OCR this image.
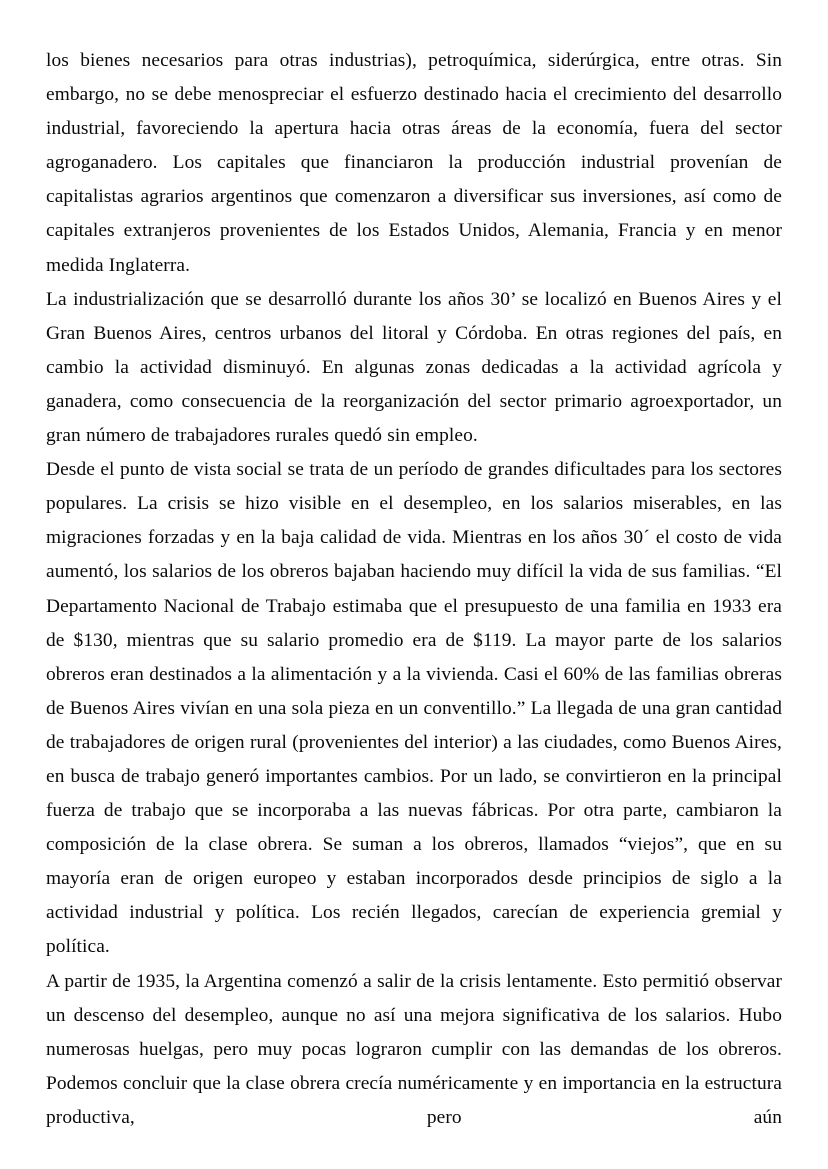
los bienes necesarios para otras industrias), petroquímica, siderúrgica, entre otras. Sin embargo, no se debe menospreciar el esfuerzo destinado hacia el crecimiento del desarrollo industrial, favoreciendo la apertura hacia otras áreas de la economía, fuera del sector agroganadero. Los capitales que financiaron la producción industrial provenían de capitalistas agrarios argentinos que comenzaron a diversificar sus inversiones, así como de capitales extranjeros provenientes de los Estados Unidos, Alemania, Francia y en menor medida Inglaterra.

La industrialización que se desarrolló durante los años 30’ se localizó en Buenos Aires y el Gran Buenos Aires, centros urbanos del litoral y Córdoba. En otras regiones del país, en cambio la actividad disminuyó. En algunas zonas dedicadas a la actividad agrícola y ganadera, como consecuencia de la reorganización del sector primario agroexportador, un gran número de trabajadores rurales quedó sin empleo.

Desde el punto de vista social se trata de un período de grandes dificultades para los sectores populares. La crisis se hizo visible en el desempleo, en los salarios miserables, en las migraciones forzadas y en la baja calidad de vida. Mientras en los años 30´ el costo de vida aumentó, los salarios de los obreros bajaban haciendo muy difícil la vida de sus familias. “El Departamento Nacional de Trabajo estimaba que el presupuesto de una familia en 1933 era de $130, mientras que su salario promedio era de $119. La mayor parte de los salarios obreros eran destinados a la alimentación y a la vivienda. Casi el 60% de las familias obreras de Buenos Aires vivían en una sola pieza en un conventillo.” La llegada de una gran cantidad de trabajadores de origen rural (provenientes del interior) a las ciudades, como Buenos Aires, en busca de trabajo generó importantes cambios. Por un lado, se convirtieron en la principal fuerza de trabajo que se incorporaba a las nuevas fábricas. Por otra parte, cambiaron la composición de la clase obrera. Se suman a los obreros, llamados “viejos”, que en su mayoría eran de origen europeo y estaban incorporados desde principios de siglo a la actividad industrial y política. Los recién llegados, carecían de experiencia gremial y política.

A partir de 1935, la Argentina comenzó a salir de la crisis lentamente. Esto permitió observar un descenso del desempleo, aunque no así una mejora significativa de los salarios. Hubo numerosas huelgas, pero muy pocas lograron cumplir con las demandas de los obreros. Podemos concluir que la clase obrera crecía numéricamente y en importancia en la estructura productiva, pero aún
